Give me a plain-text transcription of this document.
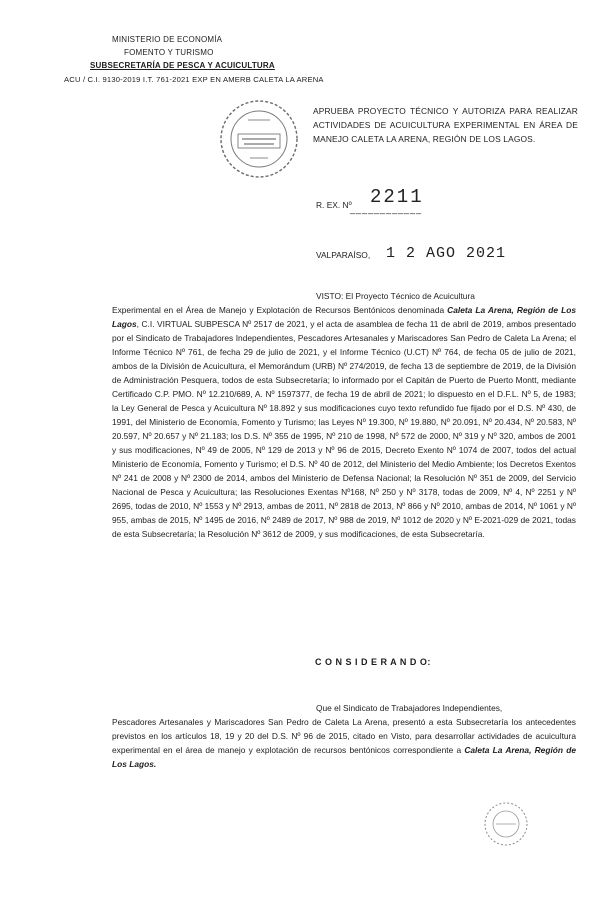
MINISTERIO DE ECONOMÍA
FOMENTO Y TURISMO
SUBSECRETARÍA DE PESCA Y ACUICULTURA
ACU / C.I. 9130-2019 I.T. 761-2021 EXP EN AMERB CALETA LA ARENA
APRUEBA PROYECTO TÉCNICO Y AUTORIZA PARA REALIZAR ACTIVIDADES DE ACUICULTURA EXPERIMENTAL EN ÁREA DE MANEJO CALETA LA ARENA, REGIÓN DE LOS LAGOS.
R. EX. Nº
____________
2211
VALPARAÍSO, 1 2 AGO 2021
VISTO: El Proyecto Técnico de Acuicultura
Experimental en el Área de Manejo y Explotación de Recursos Bentónicos denominada Caleta La Arena, Región de Los Lagos, C.I. VIRTUAL SUBPESCA Nº 2517 de 2021, y el acta de asamblea de fecha 11 de abril de 2019, ambos presentado por el Sindicato de Trabajadores Independientes, Pescadores Artesanales y Mariscadores San Pedro de Caleta La Arena; el Informe Técnico Nº 761, de fecha 29 de julio de 2021, y el Informe Técnico (U.CT) Nº 764, de fecha 05 de julio de 2021, ambos de la División de Acuicultura, el Memorándum (URB) Nº 274/2019, de fecha 13 de septiembre de 2019, de la División de Administración Pesquera, todos de esta Subsecretaría; lo informado por el Capitán de Puerto de Puerto Montt, mediante Certificado C.P. PMO. Nº 12.210/689, A. Nº 1597377, de fecha 19 de abril de 2021; lo dispuesto en el D.F.L. Nº 5, de 1983; la Ley General de Pesca y Acuicultura Nº 18.892 y sus modificaciones cuyo texto refundido fue fijado por el D.S. Nº 430, de 1991, del Ministerio de Economía, Fomento y Turismo; las Leyes Nº 19.300, Nº 19.880, Nº 20.091, Nº 20.434, Nº 20.583, Nº 20.597, Nº 20.657 y Nº 21.183; los D.S. Nº 355 de 1995, Nº 210 de 1998, Nº 572 de 2000, Nº 319 y Nº 320, ambos de 2001 y sus modificaciones, Nº 49 de 2005, Nº 129 de 2013 y Nº 96 de 2015, Decreto Exento Nº 1074 de 2007, todos del actual Ministerio de Economía, Fomento y Turismo; el D.S. Nº 40 de 2012, del Ministerio del Medio Ambiente; los Decretos Exentos Nº 241 de 2008 y Nº 2300 de 2014, ambos del Ministerio de Defensa Nacional; la Resolución Nº 351 de 2009, del Servicio Nacional de Pesca y Acuicultura; las Resoluciones Exentas Nº168, Nº 250 y Nº 3178, todas de 2009, Nº 4, Nº 2251 y Nº 2695, todas de 2010, Nº 1553 y Nº 2913, ambas de 2011, Nº 2818 de 2013, Nº 866 y Nº 2010, ambas de 2014, Nº 1061 y Nº 955, ambas de 2015, Nº 1495 de 2016, Nº 2489 de 2017, Nº 988 de 2019, Nº 1012 de 2020 y Nº E-2021-029 de 2021, todas de esta Subsecretaría; la Resolución Nº 3612 de 2009, y sus modificaciones, de esta Subsecretaría.
C O N S I D E R A N D O:
Que el Sindicato de Trabajadores Independientes,
Pescadores Artesanales y Mariscadores San Pedro de Caleta La Arena, presentó a esta Subsecretaría los antecedentes previstos en los artículos 18, 19 y 20 del D.S. Nº 96 de 2015, citado en Visto, para desarrollar actividades de acuicultura experimental en el área de manejo y explotación de recursos bentónicos correspondiente a Caleta La Arena, Región de Los Lagos.
